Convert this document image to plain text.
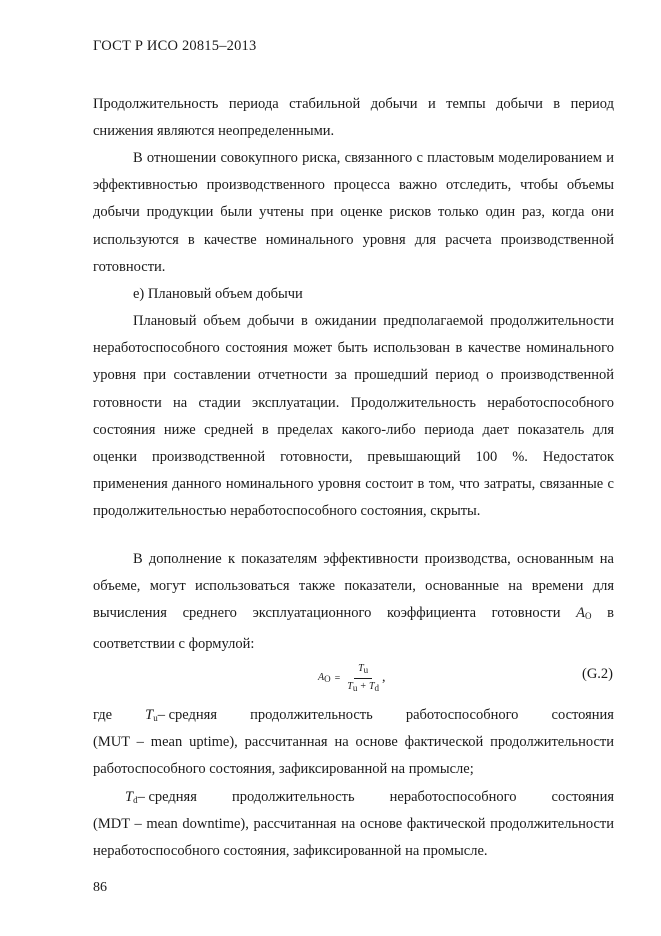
ГОСТ Р ИСО 20815–2013

Продолжительность периода стабильной добычи и темпы добычи в период снижения являются неопределенными.

В отношении совокупного риска, связанного с пластовым моделированием и эффективностью производственного процесса важно отследить, чтобы объемы добычи продукции были учтены при оценке рисков только один раз, когда они используются в качестве номинального уровня для расчета производственной готовности.

е) Плановый объем добычи

Плановый объем добычи в ожидании предполагаемой продолжительности неработоспособного состояния может быть использован в качестве номинального уровня при составлении отчетности за прошедший период о производственной готовности на стадии эксплуатации. Продолжительность неработоспособного состояния ниже средней в пределах какого-либо периода дает показатель для оценки производственной готовности, превышающий 100 %. Недостаток применения данного номинального уровня состоит в том, что затраты, связанные с продолжительностью неработоспособного состояния, скрыты.

В дополнение к показателям эффективности производства, основанным на объеме, могут использоваться также показатели, основанные на времени для вычисления среднего эксплуатационного коэффициента готовности $A_O$ в соответствии с формулой:

AO = $\frac{Tu}{Tu + Td}$ ,	(G.2)
где $T_u-$ средняя продолжительность работоспособного состояния

(MUT – mean uptime), рассчитанная на основе фактической продолжительности работоспособного состояния, зафиксированной на промысле;

$T_d-$ средняя продолжительность неработоспособного состояния

(MDT – mean downtime), рассчитанная на основе фактической продолжительности неработоспособного состояния, зафиксированной на промысле.

86
